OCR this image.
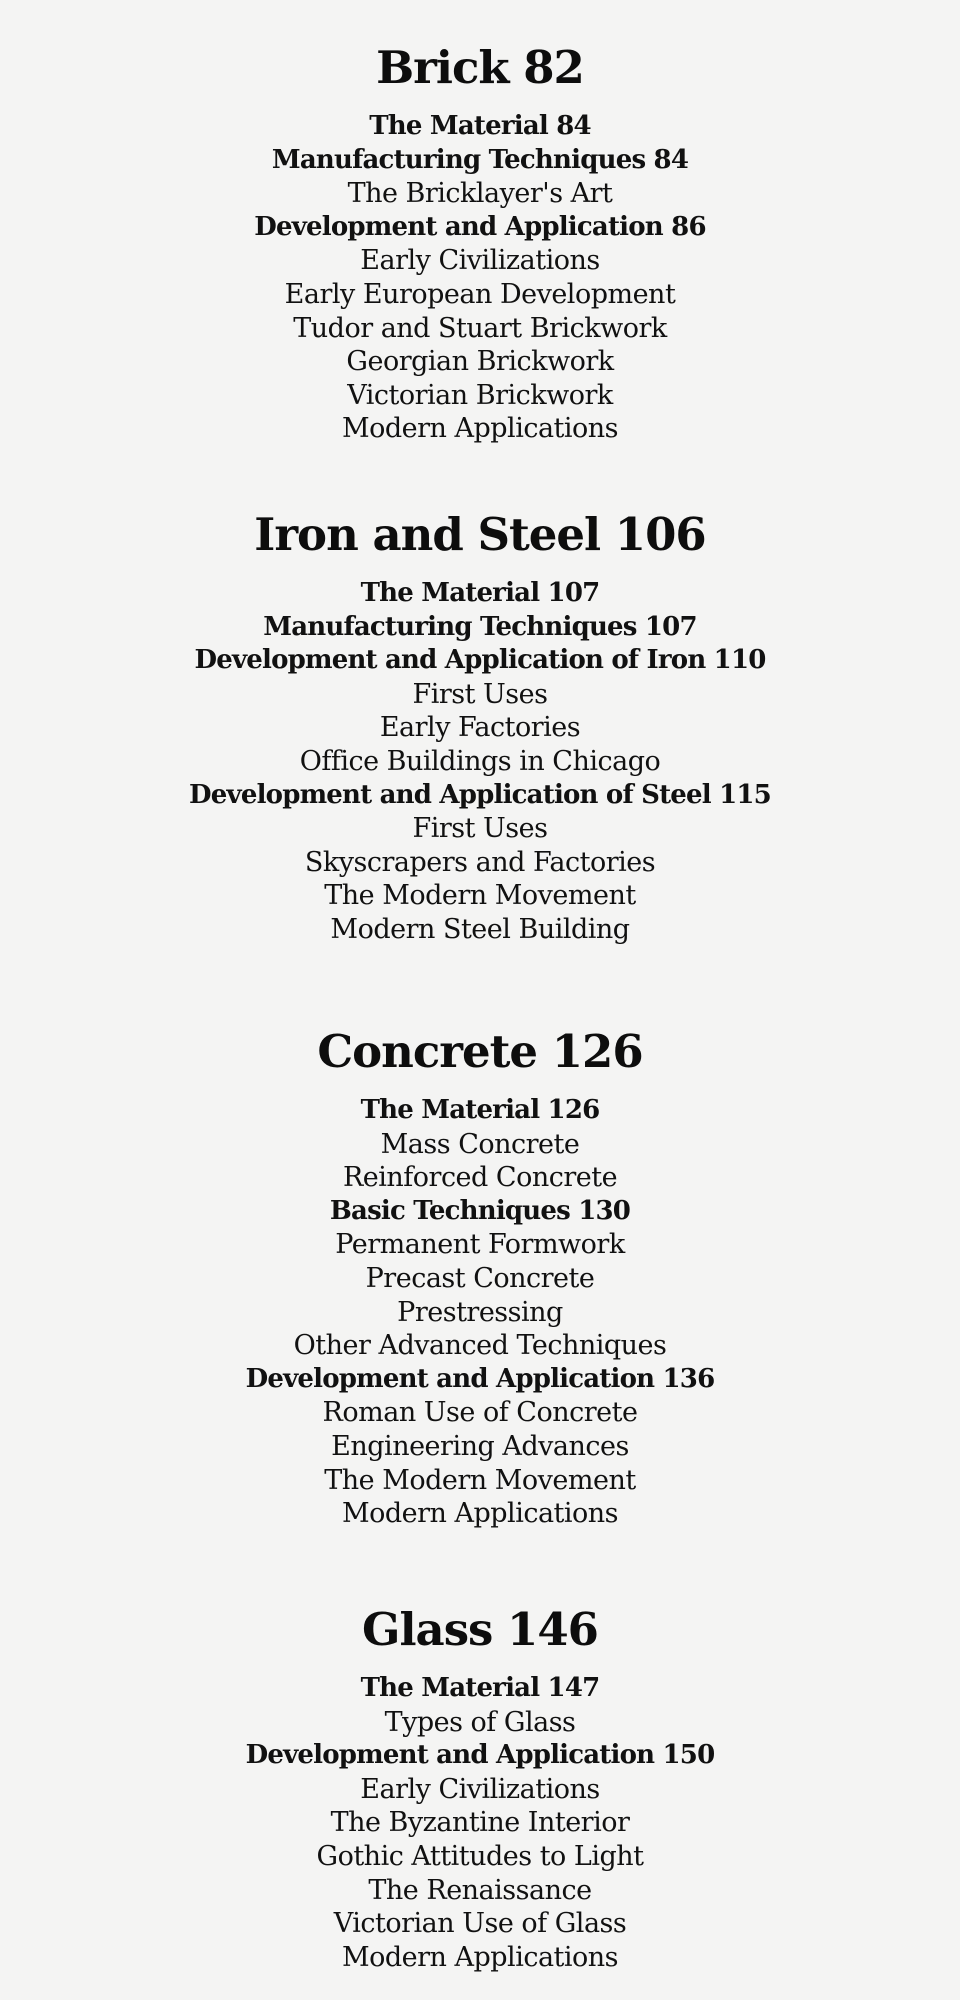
Brick 82
The Material 84
Manufacturing Techniques 84
The Bricklayer's Art
Development and Application 86
Early Civilizations
Early European Development
Tudor and Stuart Brickwork
Georgian Brickwork
Victorian Brickwork
Modern Applications
Iron and Steel 106
The Material 107
Manufacturing Techniques 107
Development and Application of Iron 110
First Uses
Early Factories
Office Buildings in Chicago
Development and Application of Steel 115
First Uses
Skyscrapers and Factories
The Modern Movement
Modern Steel Building
Concrete 126
The Material 126
Mass Concrete
Reinforced Concrete
Basic Techniques 130
Permanent Formwork
Precast Concrete
Prestressing
Other Advanced Techniques
Development and Application 136
Roman Use of Concrete
Engineering Advances
The Modern Movement
Modern Applications
Glass 146
The Material 147
Types of Glass
Development and Application 150
Early Civilizations
The Byzantine Interior
Gothic Attitudes to Light
The Renaissance
Victorian Use of Glass
Modern Applications
